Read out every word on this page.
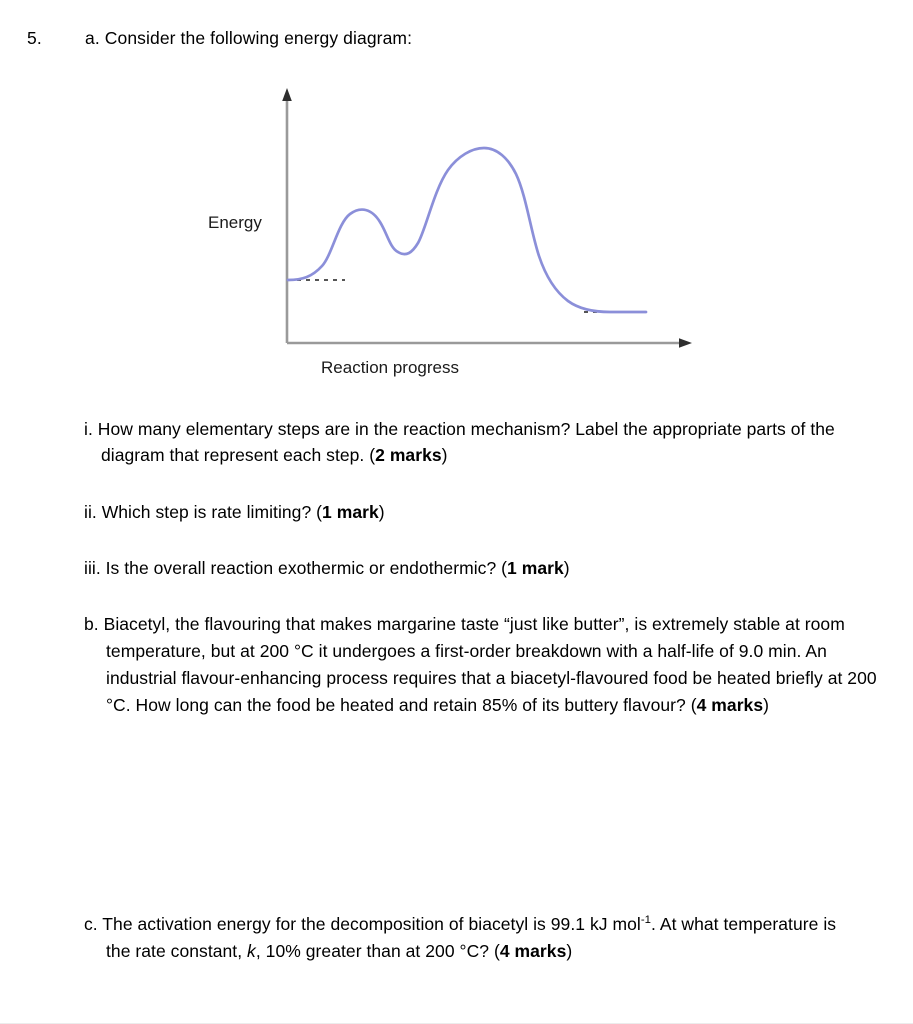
5. a. Consider the following energy diagram:
Energy
Reaction progress
i. How many elementary steps are in the reaction mechanism? Label the appropriate parts of the diagram that represent each step. (2 marks)
ii. Which step is rate limiting? (1 mark)
iii. Is the overall reaction exothermic or endothermic? (1 mark)
b. Biacetyl, the flavouring that makes margarine taste “just like butter”, is extremely stable at room temperature, but at 200 °C it undergoes a first-order breakdown with a half-life of 9.0 min. An industrial flavour-enhancing process requires that a biacetyl-flavoured food be heated briefly at 200 °C. How long can the food be heated and retain 85% of its buttery flavour? (4 marks)
c. The activation energy for the decomposition of biacetyl is 99.1 kJ mol$^{-1}$. At what temperature is the rate constant, k, 10% greater than at 200 °C? (4 marks)
